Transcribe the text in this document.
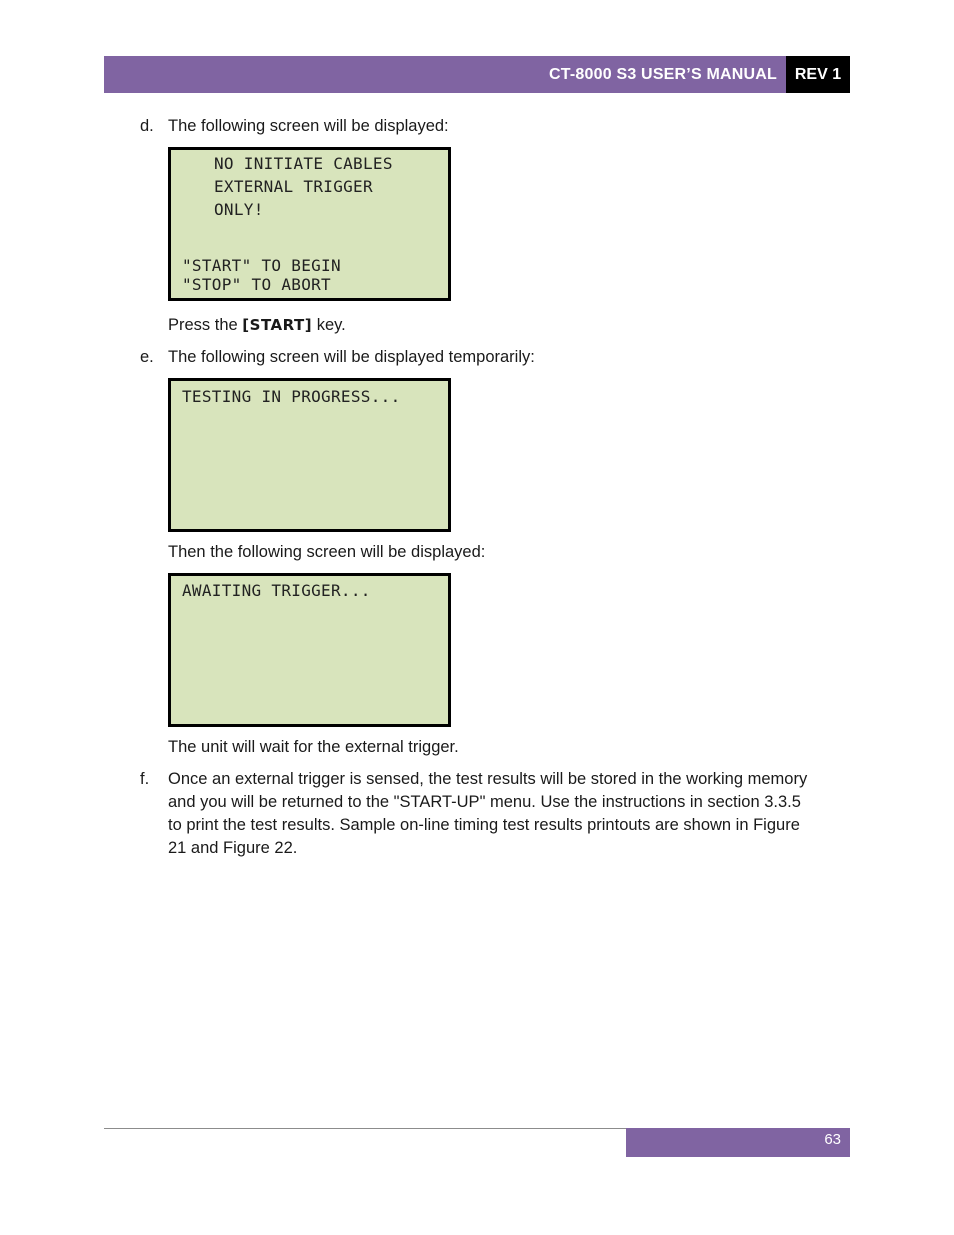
CT-8000 S3 USER’S MANUAL	REV 1
d. The following screen will be displayed:
NO INITIATE CABLES
EXTERNAL TRIGGER
ONLY!
"START" TO BEGIN
"STOP" TO ABORT
Press the [START] key.
e. The following screen will be displayed temporarily:
TESTING IN PROGRESS...
Then the following screen will be displayed:
AWAITING TRIGGER...
The unit will wait for the external trigger.
f. Once an external trigger is sensed, the test results will be stored in the working memory
and you will be returned to the "START-UP" menu. Use the instructions in section 3.3.5
to print the test results. Sample on-line timing test results printouts are shown in Figure
21 and Figure 22.
63
